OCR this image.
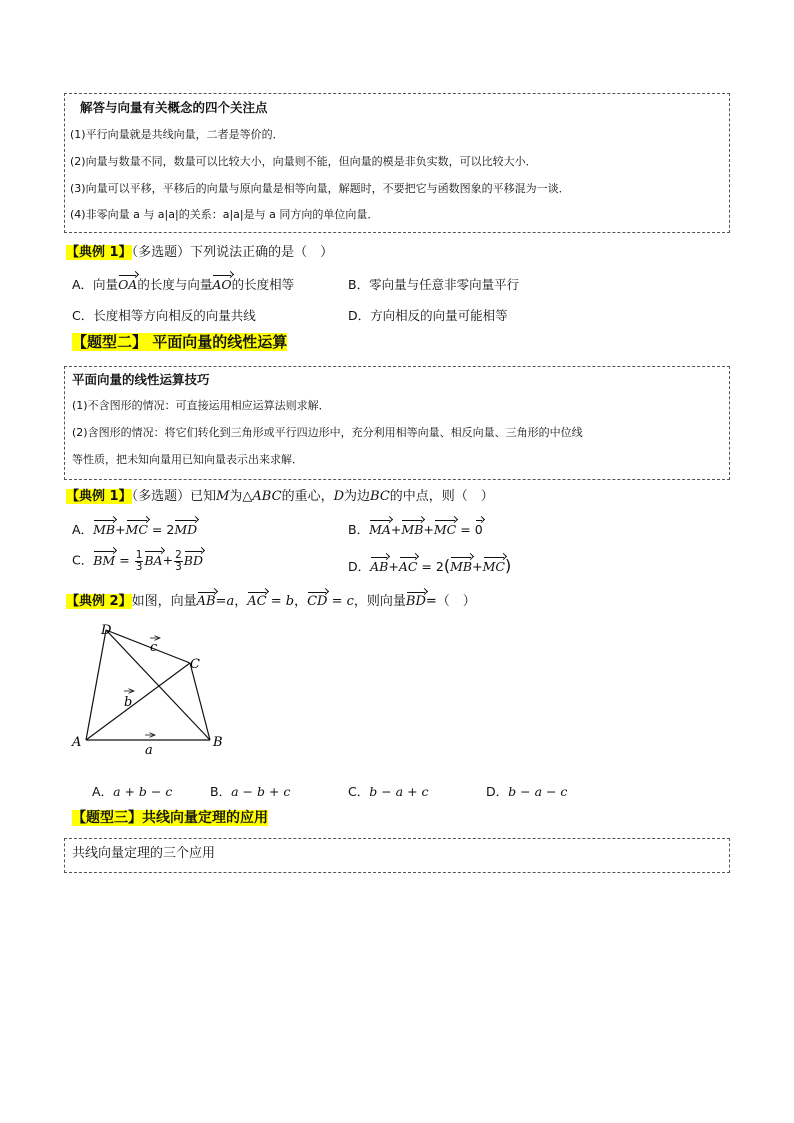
解答与向量有关概念的四个关注点
(1)平行向量就是共线向量，二者是等价的．
(2)向量与数量不同，数量可以比较大小，向量则不能，但向量的模是非负实数，可以比较大小．
(3)向量可以平移，平移后的向量与原向量是相等向量，解题时，不要把它与函数图象的平移混为一谈．
(4)非零向量 a 与 a|a|的关系：a|a|是与 a 同方向的单位向量．
【典例 1】（多选题）下列说法正确的是（　）
A．向量OA的长度与向量AO的长度相等	B．零向量与任意非零向量平行
C．长度相等方向相反的向量共线	D．方向相反的向量可能相等
【题型二】 平面向量的线性运算
平面向量的线性运算技巧
(1)不含图形的情况：可直接运用相应运算法则求解．
(2)含图形的情况：将它们转化到三角形或平行四边形中，充分利用相等向量、相反向量、三角形的中位线
等性质，把未知向量用已知向量表示出来求解．
【典例 1】（多选题）已知M为△ABC的重心，D为边BC的中点，则（　）
A．MB+MC = 2MD	B．MA+MB+MC = 0
C．BM = $\frac{1}{3} BA+ \frac{2}{3}$ BD	D．AB+AC = 2(MB+MC)
【典例 2】如图，向量AB=a，AC = b，CD = c，则向量BD=（　）
D
C
A	B
a
b
c
A．a + b − c	B．a − b + c	C．b − a + c	D．b − a − c
【题型三】共线向量定理的应用
共线向量定理的三个应用
